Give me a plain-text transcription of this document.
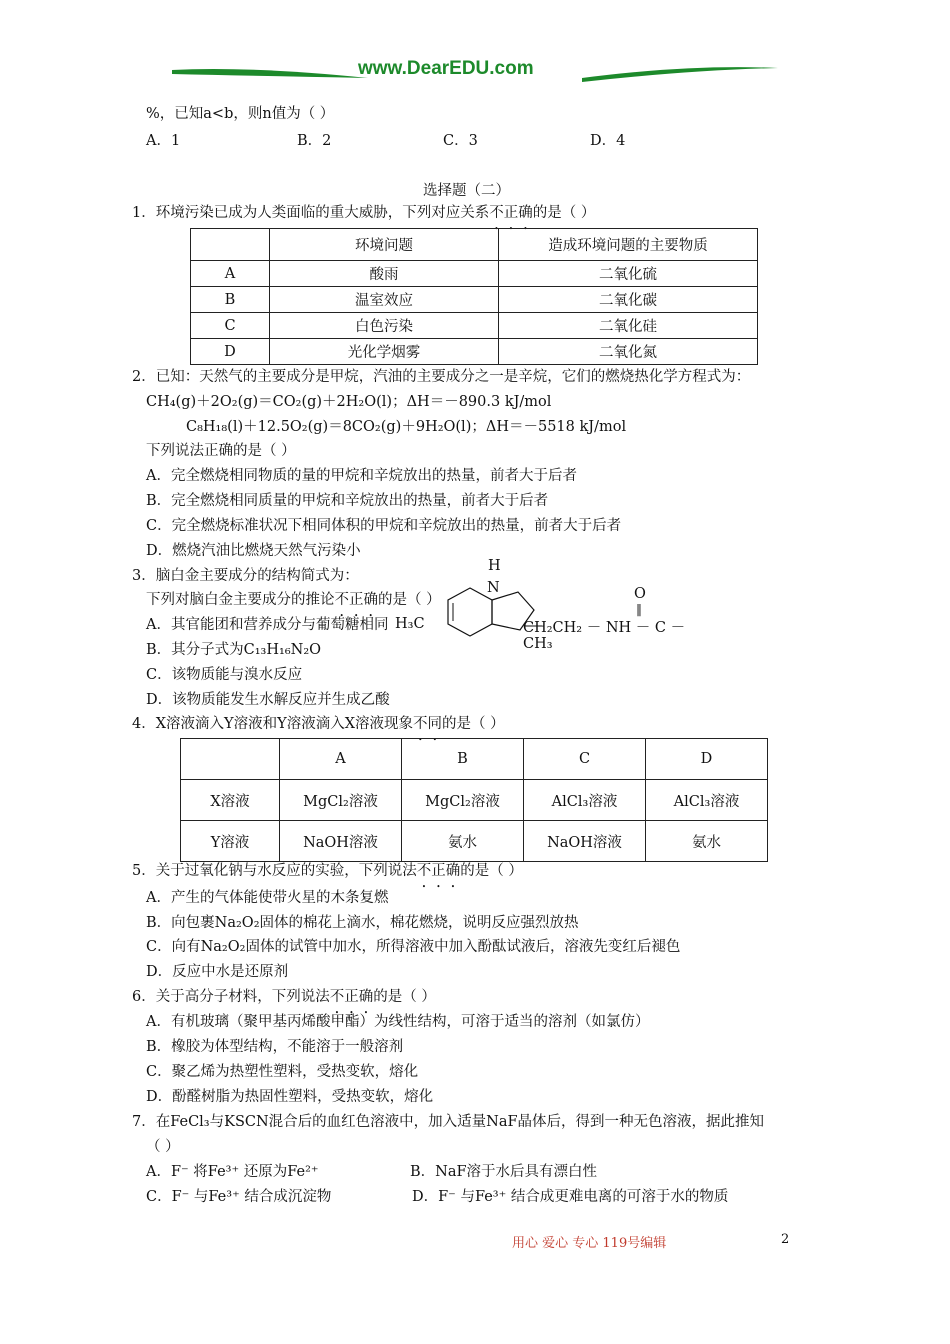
www.DearEDU.com
%，已知a<b，则n值为（ ）
A．1	B．2	C．3	D．4
选择题（二）
1．环境污染已成为人类面临的重大威胁，下列对应关系不正确的是（ ）
	环境问题	造成环境问题的主要物质
A	酸雨	二氧化硫
B	温室效应	二氧化碳
C	白色污染	二氧化硅
D	光化学烟雾	二氧化氮
2．已知：天然气的主要成分是甲烷，汽油的主要成分之一是辛烷，它们的燃烧热化学方程式为：
CH₄(g)＋2O₂(g)＝CO₂(g)＋2H₂O(l)；ΔH＝－890.3 kJ/mol
C₈H₁₈(l)＋12.5O₂(g)＝8CO₂(g)＋9H₂O(l)；ΔH＝－5518 kJ/mol
下列说法正确的是（ ）
A．完全燃烧相同物质的量的甲烷和辛烷放出的热量，前者大于后者
B．完全燃烧相同质量的甲烷和辛烷放出的热量，前者大于后者
C．完全燃烧标准状况下相同体积的甲烷和辛烷放出的热量，前者大于后者
D．燃烧汽油比燃烧天然气污染小
3．脑白金主要成分的结构简式为：
下列对脑白金主要成分的推论不正确的是（ ）
A．其官能团和营养成分与葡萄糖相同
B．其分子式为C₁₃H₁₆N₂O
C．该物质能与溴水反应
D．该物质能发生水解反应并生成乙酸
H
N
H₃C
O
‖
CH₂CH₂ － NH － C －
CH₃
4．X溶液滴入Y溶液和Y溶液滴入X溶液现象不同的是（ ）
	A	B	C	D
X溶液	MgCl₂溶液	MgCl₂溶液	AlCl₃溶液	AlCl₃溶液
Y溶液	NaOH溶液	氨水	NaOH溶液	氨水
5．关于过氧化钠与水反应的实验，下列说法不正确的是（ ）
A．产生的气体能使带火星的木条复燃
B．向包裹Na₂O₂固体的棉花上滴水，棉花燃烧，说明反应强烈放热
C．向有Na₂O₂固体的试管中加水，所得溶液中加入酚酞试液后，溶液先变红后褪色
D．反应中水是还原剂
6．关于高分子材料，下列说法不正确的是（ ）
A．有机玻璃（聚甲基丙烯酸甲酯）为线性结构，可溶于适当的溶剂（如氯仿）
B．橡胶为体型结构，不能溶于一般溶剂
C．聚乙烯为热塑性塑料，受热变软，熔化
D．酚醛树脂为热固性塑料，受热变软，熔化
7．在FeCl₃与KSCN混合后的血红色溶液中，加入适量NaF晶体后，得到一种无色溶液，据此推知
（ ）
A．F⁻ 将Fe³⁺ 还原为Fe²⁺	B．NaF溶于水后具有漂白性
C．F⁻ 与Fe³⁺ 结合成沉淀物	D．F⁻ 与Fe³⁺ 结合成更难电离的可溶于水的物质
用心 爱心 专心 119号编辑	2
